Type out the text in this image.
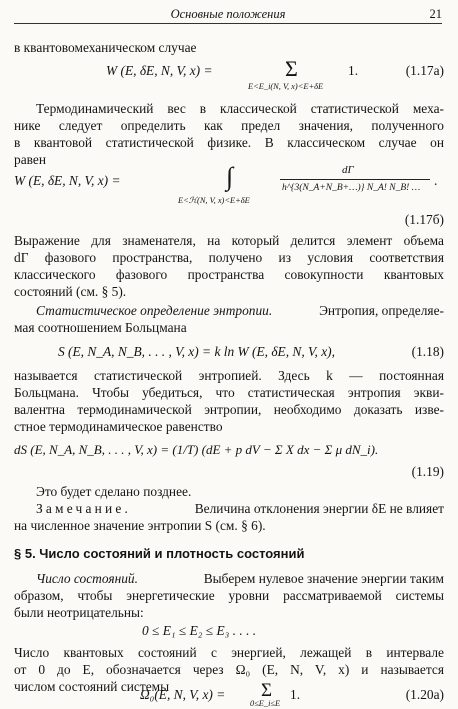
Основные положения	21
в квантовомеханическом случае
W (E, δE, N, V, x) =	Σ
E<E_i(N, V, x)<E+δE
1.	(1.17a)
Термодинамический вес в классической статистической меха-
нике следует определить как предел значения, полученного
в квантовой статистической физике. В классическом случае он
равен
W (E, δE, N, V, x) =	∫
E<ℋ(N, V, x)<E+δE
dΓ
h^{3(N_A+N_B+…)} N_A! N_B! … .
(1.17б)
Выражение для знаменателя, на который делится элемент объема
dΓ фазового пространства, получено из условия соответствия
классического фазового пространства совокупности квантовых
состояний (см. § 5).
Статистическое определение энтропии.	Энтропия, определяе-
мая соотношением Больцмана
S (E, N_A, N_B, . . . , V, x) = k ln W (E, δE, N, V, x),	(1.18)
называется статистической энтропией. Здесь k — постоянная
Больцмана. Чтобы убедиться, что статистическая энтропия экви-
валентна термодинамической энтропии, необходимо доказать изве-
стное термодинамическое равенство
dS (E, N_A, N_B, . . . , V, x) = (1/T) (dE + p dV − Σ X dx − Σ μ dN_i).
(1.19)
Это будет сделано позднее.
Замечание.	Величина отклонения энергии δE не влияет
на численное значение энтропии S (см. § 6).
§ 5. Число состояний и плотность состояний
Число состояний.	Выберем нулевое значение энергии таким
образом, чтобы энергетические уровни рассматриваемой системы
были неотрицательны:
0 ≤ E₁ ≤ E₂ ≤ E₃ . . . .
Число квантовых состояний с энергией, лежащей в интервале
от 0 до E, обозначается через Ω₀ (E, N, V, x) и называется
числом состояний системы
Ω₀(E, N, V, x) = Σ
0≤E_i≤E
1.	(1.20a)
